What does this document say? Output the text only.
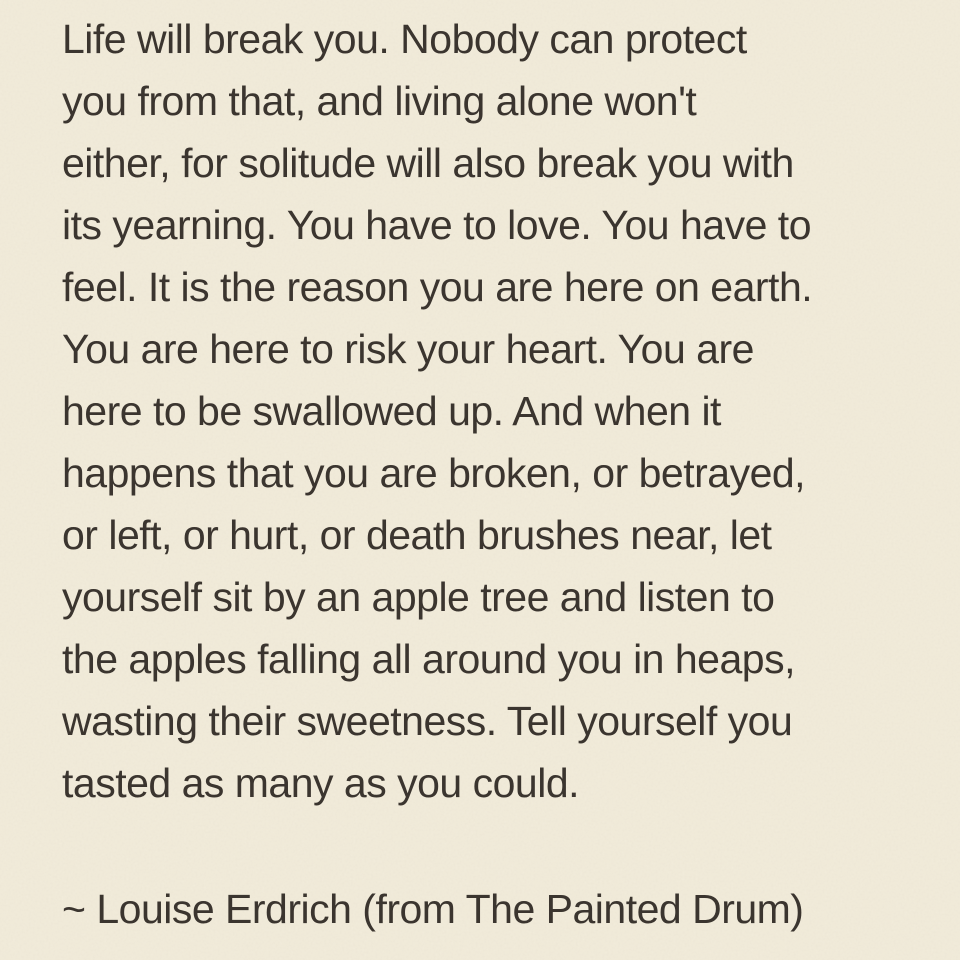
Life will break you. Nobody can protect
you from that, and living alone won't
either, for solitude will also break you with
its yearning. You have to love. You have to
feel. It is the reason you are here on earth.
You are here to risk your heart. You are
here to be swallowed up. And when it
happens that you are broken, or betrayed,
or left, or hurt, or death brushes near, let
yourself sit by an apple tree and listen to
the apples falling all around you in heaps,
wasting their sweetness. Tell yourself you
tasted as many as you could.
~ Louise Erdrich (from The Painted Drum)
